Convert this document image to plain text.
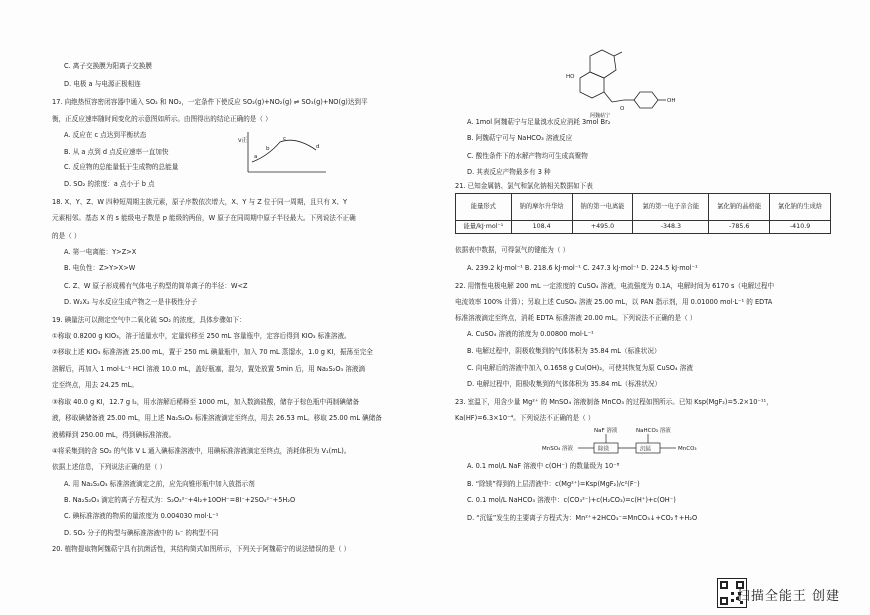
C. 离子交换膜为阳离子交换膜
D. 电极 a 与电源正极相连
17. 向绝热恒容密闭容器中通入 SO₂ 和 NO₂，一定条件下使反应 SO₂(g)+NO₂(g) ⇌ SO₃(g)+NO(g)达到平
衡，正反应速率随时间变化的示意图如所示。由图得出的结论正确的是（ ）
A. 反应在 c 点达到平衡状态
B. 从 a 点到 d 点反应速率一直加快
C. 反应物的总能量低于生成物的总能量
D. SO₂ 的浓度：a 点小于 b 点
18. X、Y、Z、W 四种短周期主族元素，原子序数依次增大，X、Y 与 Z 位于同一周期，且只有 X、Y
元素相邻。基态 X 的 s 能级电子数是 p 能级的两倍，W 原子在同周期中原子半径最大。下列说法不正确
的是（ ）
A. 第一电离能：Y>Z>X
B. 电负性：Z>Y>X>W
C. Z、W 原子形成稀有气体电子构型的简单离子的半径：W<Z
D. W₂X₂ 与水反应生成产物之一是非极性分子
19. 碘量法可以测定空气中二氧化硫 SO₂ 的浓度，具体步骤如下：
①称取 0.8200 g KIO₃，溶于适量水中，定量转移至 250 mL 容量瓶中，定容后得到 KIO₃ 标准溶液。
②移取上述 KIO₃ 标准溶液 25.00 mL，置于 250 mL 碘量瓶中，加入 70 mL 蒸馏水，1.0 g KI，振荡至完全
溶解后，再加入 1 mol·L⁻¹ HCl 溶液 10.0 mL，盖好瓶塞，混匀，置处放置 5min 后，用 Na₂S₂O₃ 溶液滴
定至终点，用去 24.25 mL。
③称取 40.0 g KI，12.7 g I₂，用水溶解后稀释至 1000 mL，加入数滴盐酸，储存于棕色瓶中再制碘储备
液，移取碘储备液 25.00 mL，用上述 Na₂S₂O₃ 标准溶液滴定至终点，用去 26.53 mL。移取 25.00 mL 碘储备
液稀释到 250.00 mL，得到碘标准溶液。
④将采集到的含 SO₂ 的气体 V L 通入碘标准溶液中，用碘标准溶液滴定至终点，消耗体积为 V₁(mL)。
依据上述信息，下列说法正确的是（ ）
A. 用 Na₂S₂O₃ 标准溶液滴定之前，应先向锥形瓶中加入放指示剂
B. Na₂S₂O₃ 滴定的离子方程式为：S₂O₃²⁻+4I₂+10OH⁻=8I⁻+2SO₄²⁻+5H₂O
C. 碘标准溶液的物质的量浓度为 0.004030 mol·L⁻¹
D. SO₂ 分子的构型与碘标准溶液中的 I₃⁻ 的构型不同
20. 植物提取物阿魏萜宁具有抗菌活性，其结构简式如图所示，下列关于阿魏萜宁的说法错误的是（ ）
v正
a
b
c
d
HO
O
OH
阿魏萜宁
A. 1mol 阿魏萜宁与足量溴水反应消耗 3mol Br₂
B. 阿魏萜宁可与 NaHCO₃ 溶液反应
C. 酸性条件下的水解产物均可生成高聚物
D. 其表反应产物最多有 3 种
21. 已知金属钠、氯气和氯化钠相关数据如下表
依据表中数据，可得氯气的键能为（ ）
A. 239.2 kJ·mol⁻¹ B. 218.6 kJ·mol⁻¹ C. 247.3 kJ·mol⁻¹ D. 224.5 kJ·mol⁻¹
22. 用惰性电极电解 200 mL 一定浓度的 CuSO₄ 溶液，电流强度为 0.1A，电解时间为 6170 s（电解过程中
电流效率 100% 计算）；另取上述 CuSO₄ 溶液 25.00 mL，以 PAN 指示剂，用 0.01000 mol·L⁻¹ 的 EDTA
标准溶液滴定至终点，消耗 EDTA 标准溶液 20.00 mL。下列说法不正确的是（ ）
A. CuSO₄ 溶液的浓度为 0.00800 mol·L⁻¹
B. 电解过程中，阴极收集到的气体体积为 35.84 mL（标准状况）
C. 向电解后的溶液中加入 0.1658 g Cu(OH)₂，可使其恢复为原 CuSO₄ 溶液
D. 电解过程中，阳极收集到的气体体积为 35.84 mL（标准状况）
23. 室温下，用含少量 Mg²⁺ 的 MnSO₄ 溶液制备 MnCO₃ 的过程如图所示。已知 Ksp(MgF₂)=5.2×10⁻¹¹，
Ka(HF)=6.3×10⁻⁴。下列说法不正确的是（ ）
A. 0.1 mol/L NaF 溶液中 c(OH⁻) 的数量级为 10⁻⁸
B. “除镁”得到的上层清液中：c(Mg²⁺)=Ksp(MgF₂)/c²(F⁻)
C. 0.1 mol/L NaHCO₃ 溶液中：c(CO₃²⁻)+c(H₂CO₃)=c(H⁺)+c(OH⁻)
D. “沉锰”发生的主要离子方程式为：Mn²⁺+2HCO₃⁻=MnCO₃↓+CO₂↑+H₂O
能量形式	钠的摩尔升华焓	钠的第一电离能	氯的第一电子亲合能	氯化钠的晶格能	氯化钠的生成焓
能量/kJ·mol⁻¹	108.4	+495.0	-348.3	-785.6	-410.9
NaF 溶液	NaHCO₃ 溶液
MnSO₄ 溶液	除镁	沉锰	MnCO₃
扫描全能王 创建
